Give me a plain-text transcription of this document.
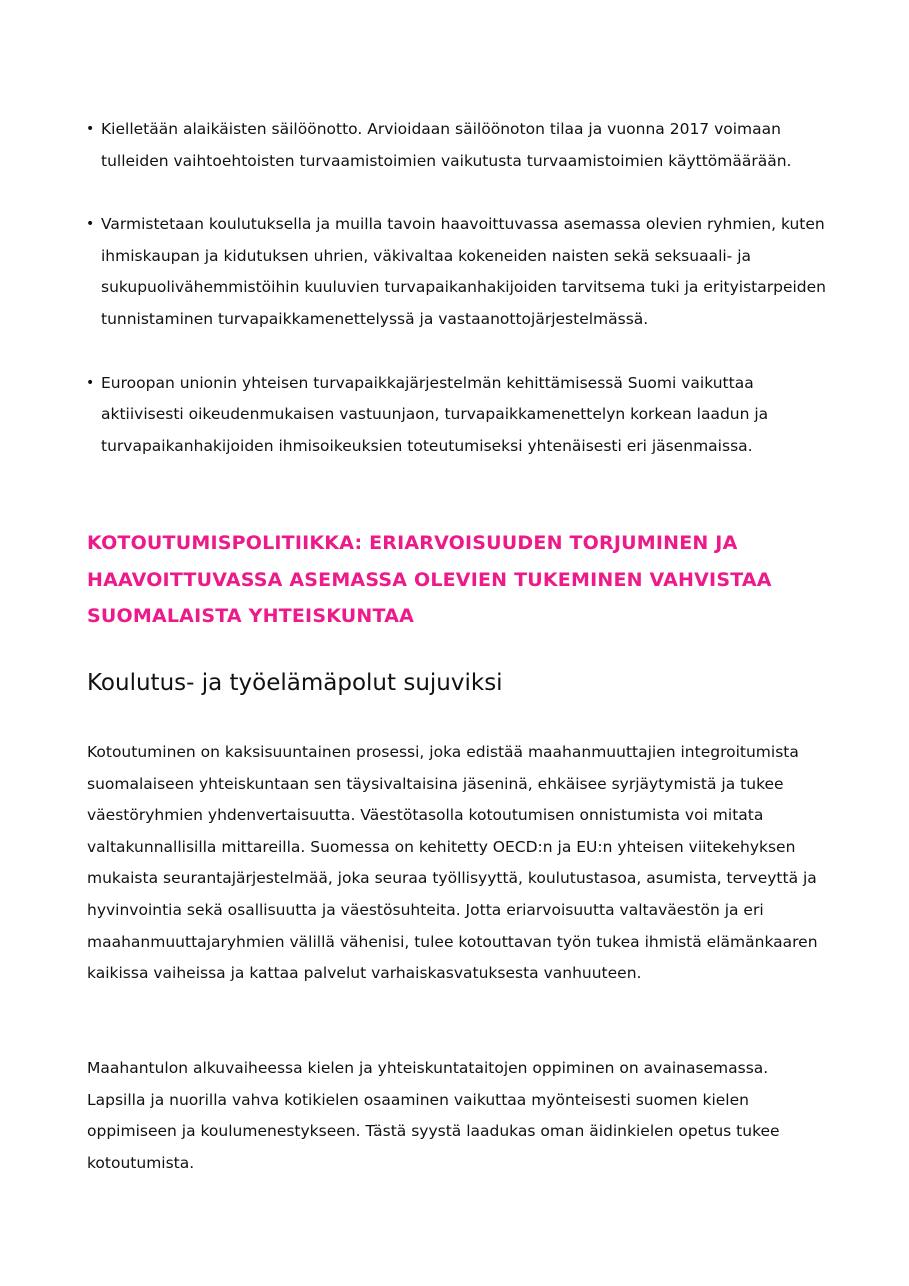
• Kielletään alaikäisten säilöönotto. Arvioidaan säilöönoton tilaa ja vuonna 2017 voimaan tulleiden vaihtoehtoisten turvaamistoimien vaikutusta turvaamistoimien käyttömäärään.
• Varmistetaan koulutuksella ja muilla tavoin haavoittuvassa asemassa olevien ryhmien, kuten ihmiskaupan ja kidutuksen uhrien, väkivaltaa kokeneiden naisten sekä seksuaali- ja sukupuolivähemmistöihin kuuluvien turvapaikanhakijoiden tarvitsema tuki ja erityistarpeiden tunnistaminen turvapaikkamenettelyssä ja vastaanottojärjestelmässä.
• Euroopan unionin yhteisen turvapaikkajärjestelmän kehittämisessä Suomi vaikuttaa aktiivisesti oikeudenmukaisen vastuunjaon, turvapaikkamenettelyn korkean laadun ja turvapaikanhakijoiden ihmisoikeuksien toteutumiseksi yhtenäisesti eri jäsenmaissa.
KOTOUTUMISPOLITIIKKA: ERIARVOISUUDEN TORJUMINEN JA HAAVOITTUVASSA ASEMASSA OLEVIEN TUKEMINEN VAHVISTAA SUOMALAISTA YHTEISKUNTAA
Koulutus- ja työelämäpolut sujuviksi

Kotoutuminen on kaksisuuntainen prosessi, joka edistää maahanmuuttajien integroitumista suomalaiseen yhteiskuntaan sen täysivaltaisina jäseninä, ehkäisee syrjäytymistä ja tukee väestöryhmien yhdenvertaisuutta. Väestötasolla kotoutumisen onnistumista voi mitata valtakunnallisilla mittareilla. Suomessa on kehitetty OECD:n ja EU:n yhteisen viitekehyksen mukaista seurantajärjestelmää, joka seuraa työllisyyttä, koulutustasoa, asumista, terveyttä ja hyvinvointia sekä osallisuutta ja väestösuhteita. Jotta eriarvoisuutta valtaväestön ja eri maahanmuuttajaryhmien välillä vähenisi, tulee kotouttavan työn tukea ihmistä elämänkaaren kaikissa vaiheissa ja kattaa palvelut varhaiskasvatuksesta vanhuuteen.

Maahantulon alkuvaiheessa kielen ja yhteiskuntataitojen oppiminen on avainasemassa. Lapsilla ja nuorilla vahva kotikielen osaaminen vaikuttaa myönteisesti suomen kielen oppimiseen ja koulumenestykseen. Tästä syystä laadukas oman äidinkielen opetus tukee kotoutumista.
